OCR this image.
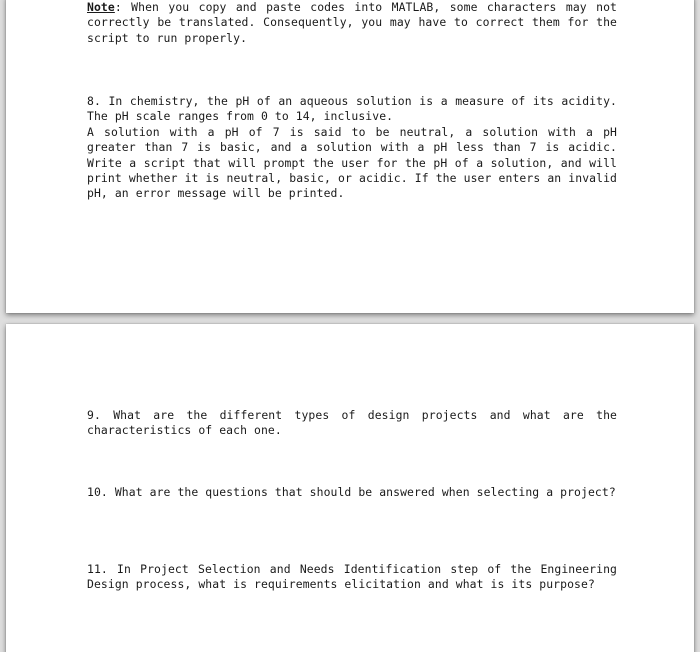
Note: When you copy and paste codes into MATLAB, some characters may not correctly be translated. Consequently, you may have to correct them for the script to run properly.
8. In chemistry, the pH of an aqueous solution is a measure of its acidity. The pH scale ranges from 0 to 14, inclusive.
A solution with a pH of 7 is said to be neutral, a solution with a pH greater than 7 is basic, and a solution with a pH less than 7 is acidic. Write a script that will prompt the user for the pH of a solution, and will print whether it is neutral, basic, or acidic. If the user enters an invalid pH, an error message will be printed.
9. What are the different types of design projects and what are the characteristics of each one.
10. What are the questions that should be answered when selecting a project?
11. In Project Selection and Needs Identification step of the Engineering Design process, what is requirements elicitation and what is its purpose?
